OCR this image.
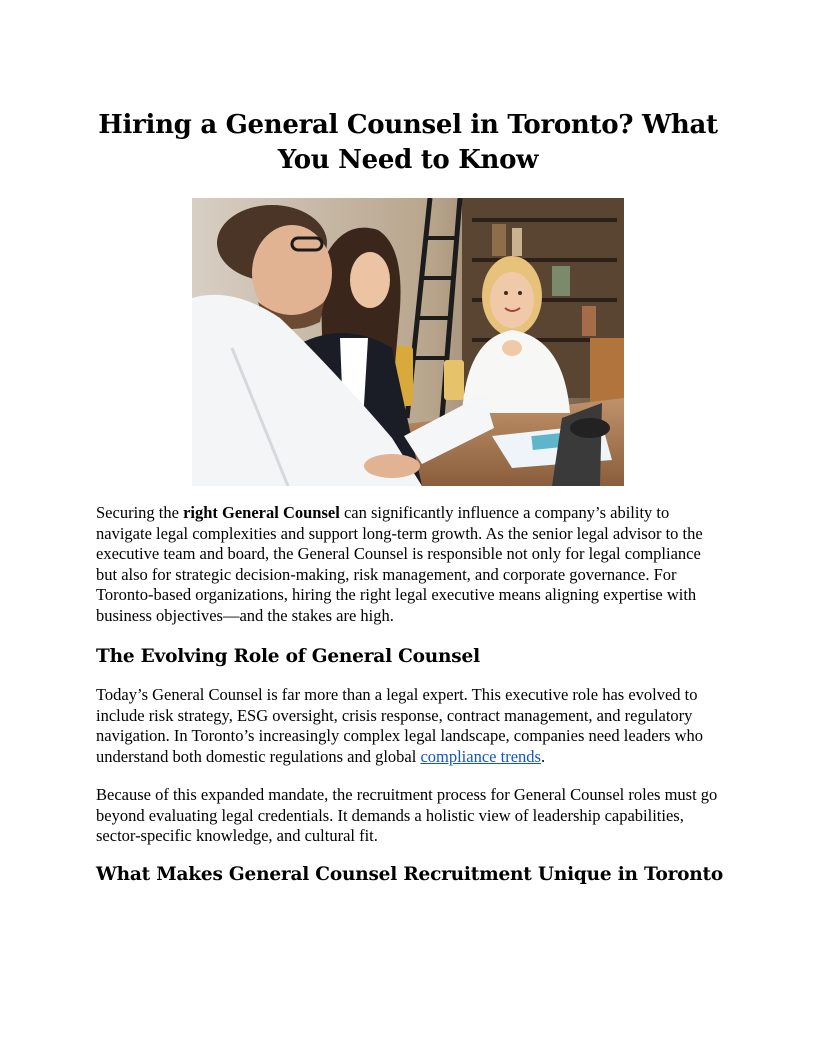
Hiring a General Counsel in Toronto? What You Need to Know

Securing the right General Counsel can significantly influence a company’s ability to navigate legal complexities and support long-term growth. As the senior legal advisor to the executive team and board, the General Counsel is responsible not only for legal compliance but also for strategic decision-making, risk management, and corporate governance. For Toronto-based organizations, hiring the right legal executive means aligning expertise with business objectives—and the stakes are high.

The Evolving Role of General Counsel

Today’s General Counsel is far more than a legal expert. This executive role has evolved to include risk strategy, ESG oversight, crisis response, contract management, and regulatory navigation. In Toronto’s increasingly complex legal landscape, companies need leaders who understand both domestic regulations and global compliance trends.

Because of this expanded mandate, the recruitment process for General Counsel roles must go beyond evaluating legal credentials. It demands a holistic view of leadership capabilities, sector-specific knowledge, and cultural fit.

What Makes General Counsel Recruitment Unique in Toronto
